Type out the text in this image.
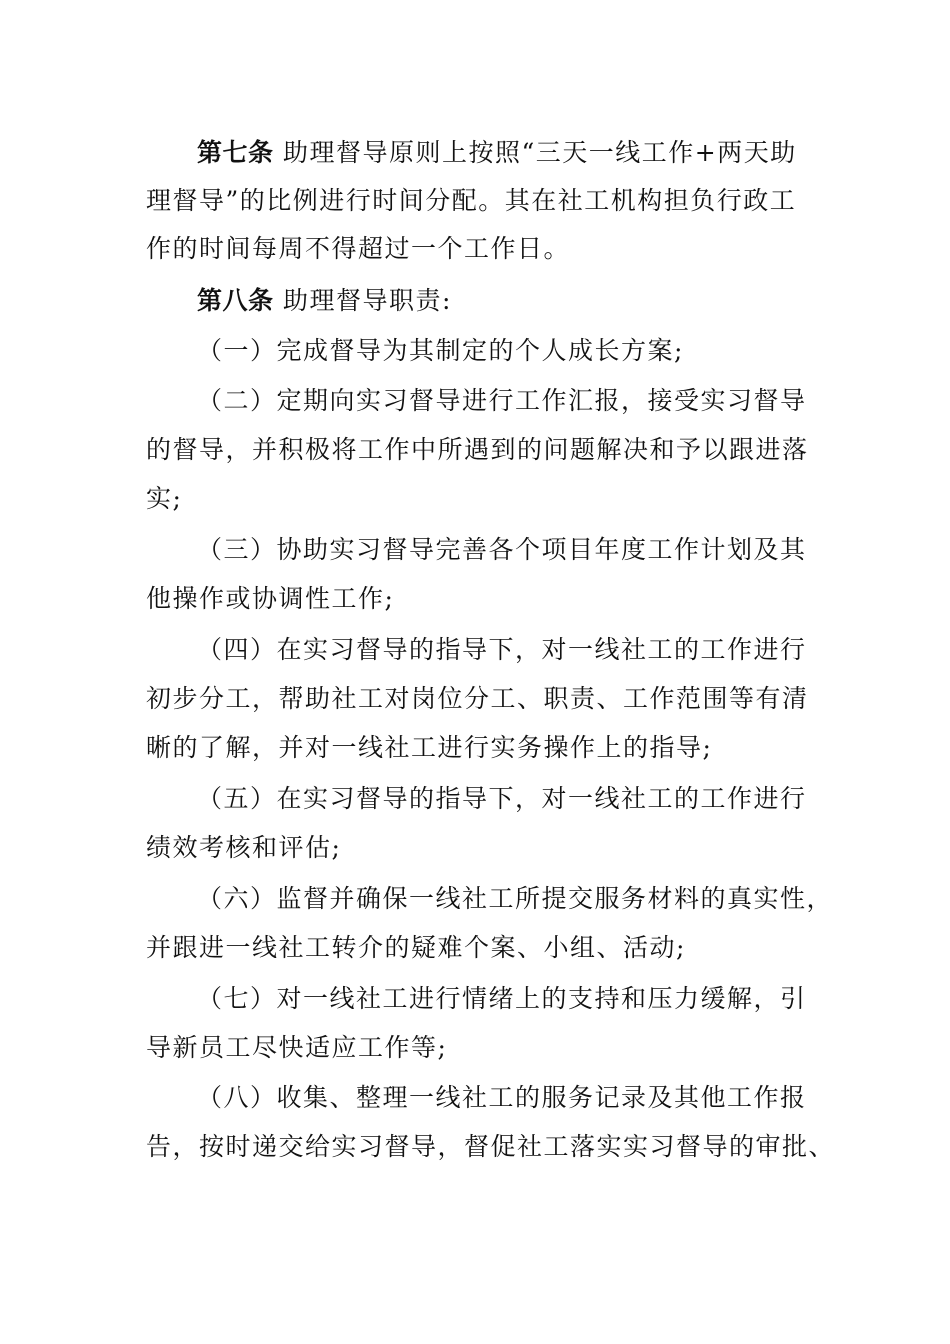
第七条 助理督导原则上按照“三天一线工作+两天助
理督导”的比例进行时间分配。其在社工机构担负行政工
作的时间每周不得超过一个工作日。
第八条 助理督导职责:
（一）完成督导为其制定的个人成长方案;
（二）定期向实习督导进行工作汇报，接受实习督导
的督导，并积极将工作中所遇到的问题解决和予以跟进落
实;
（三）协助实习督导完善各个项目年度工作计划及其
他操作或协调性工作;
（四）在实习督导的指导下，对一线社工的工作进行
初步分工，帮助社工对岗位分工、职责、工作范围等有清
晰的了解，并对一线社工进行实务操作上的指导;
（五）在实习督导的指导下，对一线社工的工作进行
绩效考核和评估;
（六）监督并确保一线社工所提交服务材料的真实性，
并跟进一线社工转介的疑难个案、小组、活动;
（七）对一线社工进行情绪上的支持和压力缓解，引
导新员工尽快适应工作等;
（八）收集、整理一线社工的服务记录及其他工作报
告，按时递交给实习督导，督促社工落实实习督导的审批、
